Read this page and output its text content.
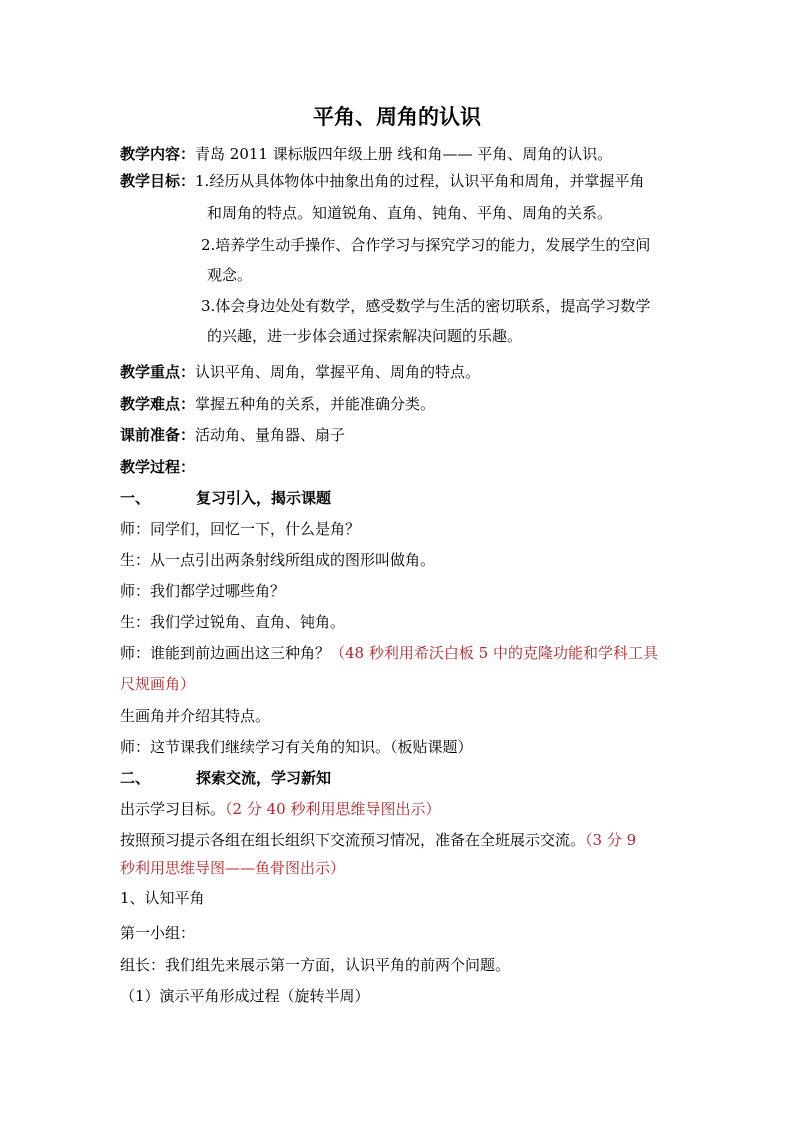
平角、周角的认识
教学内容：青岛 2011 课标版四年级上册 线和角—— 平角、周角的认识。
教学目标：1.经历从具体物体中抽象出角的过程，认识平角和周角，并掌握平角
和周角的特点。知道锐角、直角、钝角、平角、周角的关系。
2.培养学生动手操作、合作学习与探究学习的能力，发展学生的空间
观念。
3.体会身边处处有数学，感受数学与生活的密切联系，提高学习数学
的兴趣，进一步体会通过探索解决问题的乐趣。
教学重点：认识平角、周角，掌握平角、周角的特点。
教学难点：掌握五种角的关系，并能准确分类。
课前准备：活动角、量角器、扇子
教学过程：
一、	复习引入，揭示课题
师：同学们，回忆一下，什么是角？
生：从一点引出两条射线所组成的图形叫做角。
师：我们都学过哪些角？
生：我们学过锐角、直角、钝角。
师：谁能到前边画出这三种角？（48 秒利用希沃白板 5 中的克隆功能和学科工具
尺规画角）
生画角并介绍其特点。
师：这节课我们继续学习有关角的知识。（板贴课题）
二、	探索交流，学习新知
出示学习目标。（2 分 40 秒利用思维导图出示）
按照预习提示各组在组长组织下交流预习情况，准备在全班展示交流。（3 分 9
秒利用思维导图——鱼骨图出示）
1、认知平角
第一小组：
组长：我们组先来展示第一方面，认识平角的前两个问题。
（1）演示平角形成过程（旋转半周）
